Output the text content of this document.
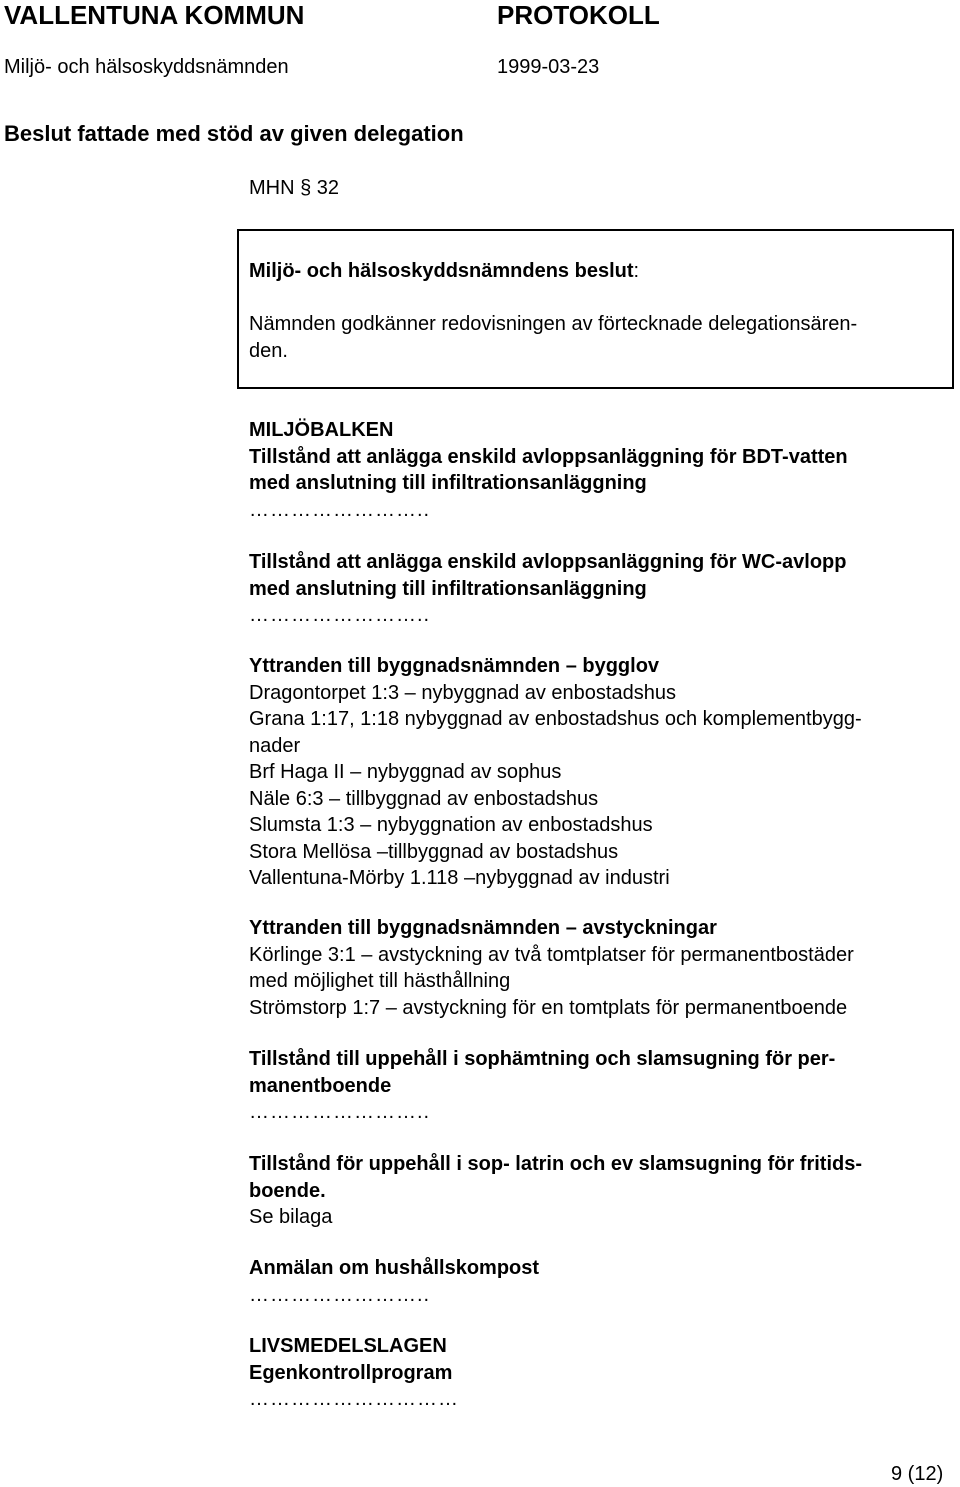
VALLENTUNA KOMMUN	PROTOKOLL
Miljö- och hälsoskyddsnämnden	1999-03-23
Beslut fattade med stöd av given delegation
MHN § 32
Miljö- och hälsoskyddsnämndens beslut:
Nämnden godkänner redovisningen av förtecknade delegationsären-
den.
MILJÖBALKEN
Tillstånd att anlägga enskild avloppsanläggning för BDT-vatten
med anslutning till infiltrationsanläggning
……………………..
Tillstånd att anlägga enskild avloppsanläggning för WC-avlopp
med anslutning till infiltrationsanläggning
……………………..
Yttranden till byggnadsnämnden – bygglov
Dragontorpet 1:3 – nybyggnad av enbostadshus
Grana 1:17, 1:18 nybyggnad av enbostadshus och komplementbygg-
nader
Brf Haga II – nybyggnad av sophus
Näle 6:3 – tillbyggnad av enbostadshus
Slumsta 1:3 – nybyggnation av enbostadshus
Stora Mellösa –tillbyggnad av bostadshus
Vallentuna-Mörby 1.118 –nybyggnad av industri
Yttranden till byggnadsnämnden – avstyckningar
Körlinge 3:1 – avstyckning av två tomtplatser för permanentbostäder
med möjlighet till hästhållning
Strömstorp 1:7 – avstyckning för en tomtplats för permanentboende
Tillstånd till uppehåll i sophämtning och slamsugning för per-
manentboende
……………………..
Tillstånd för uppehåll i sop- latrin och ev slamsugning för fritids-
boende.
Se bilaga
Anmälan om hushållskompost
……………………..
LIVSMEDELSLAGEN
Egenkontrollprogram
…………………………
9 (12)
